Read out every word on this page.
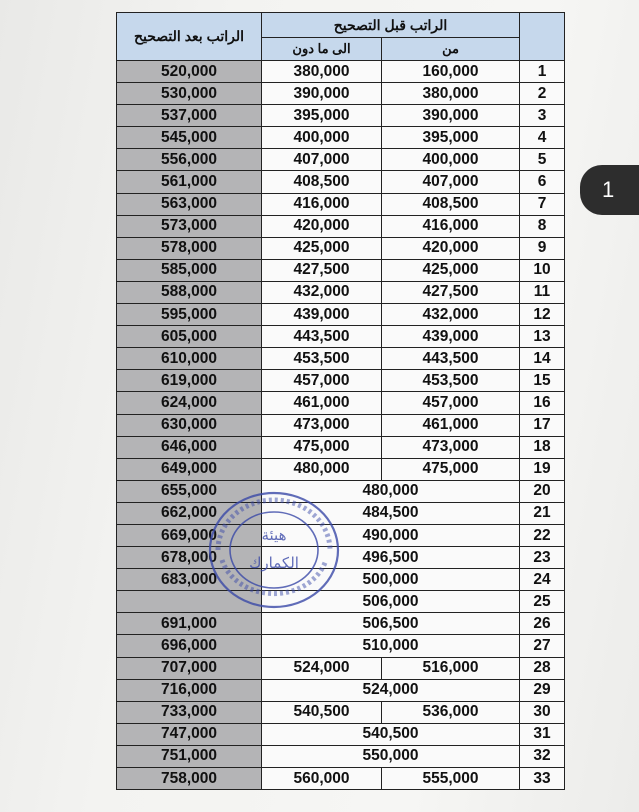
الراتب بعد التصحيح	الراتب قبل التصحيح		
	الى ما دون	من	
520,000	380,000	160,000	1
530,000	390,000	380,000	2
537,000	395,000	390,000	3
545,000	400,000	395,000	4
556,000	407,000	400,000	5
561,000	408,500	407,000	6
563,000	416,000	408,500	7
573,000	420,000	416,000	8
578,000	425,000	420,000	9
585,000	427,500	425,000	10
588,000	432,000	427,500	11
595,000	439,000	432,000	12
605,000	443,500	439,000	13
610,000	453,500	443,500	14
619,000	457,000	453,500	15
624,000	461,000	457,000	16
630,000	473,000	461,000	17
646,000	475,000	473,000	18
649,000	480,000	475,000	19
655,000	480,000		20
662,000	484,500		21
669,000	490,000		22
678,000	496,500		23
683,000	500,000		24
	506,000		25
691,000	506,500		26
696,000	510,000		27
707,000	524,000	516,000	28
716,000	524,000		29
733,000	540,500	536,000	30
747,000	540,500		31
751,000	550,000		32
758,000	560,000	555,000	33
هيئة
الكمارك
1
